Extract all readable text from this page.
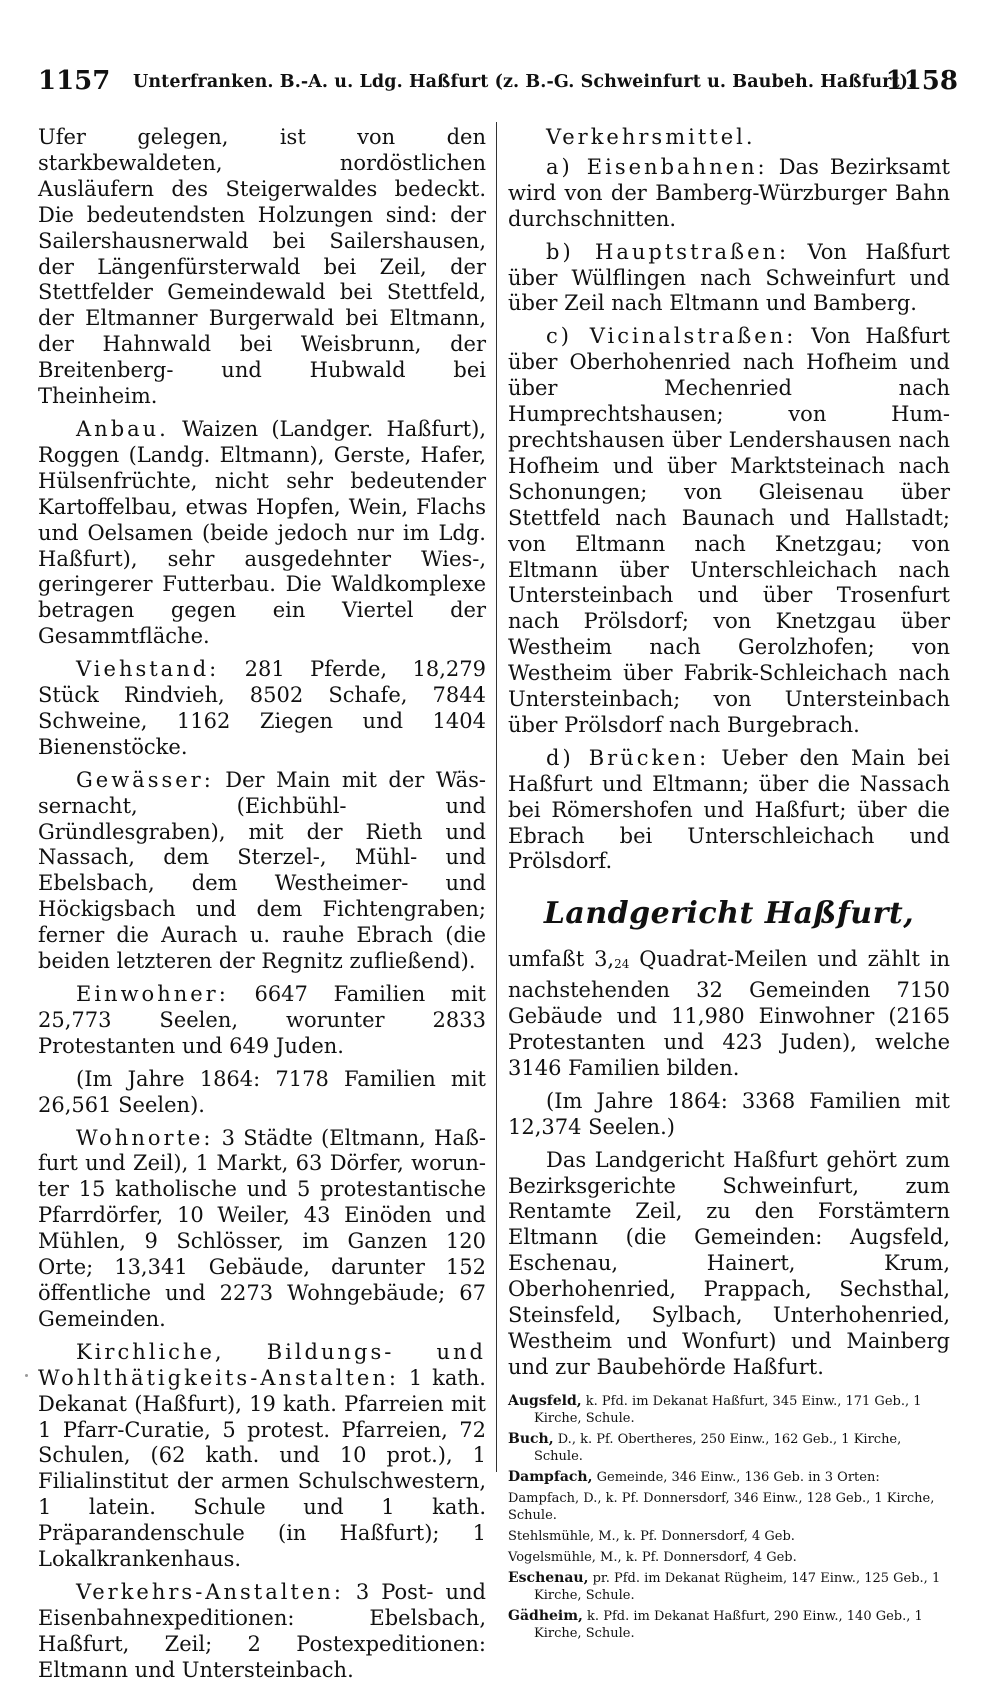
1157 Unterfranken. B.-A. u. Ldg. Haßfurt (z. B.-G. Schweinfurt u. Baubeh. Haßfurt).
1158

Ufer gelegen, ist von den starkbewaldeten, nordöstlichen Ausläufern des Steigerwaldes bedeckt. Die bedeutendsten Holzungen sind: der Sailershausnerwald bei Sailershausen, der Längenfürsterwald bei Zeil, der Stettfelder Gemeindewald bei Stettfeld, der Eltmanner Burgerwald bei Eltmann, der Hahnwald bei Weisbrunn, der Breitenberg- und Hubwald bei Theinheim.

Anbau. Waizen (Landger. Haßfurt), Roggen (Landg. Eltmann), Gerste, Hafer, Hülsenfrüchte, nicht sehr bedeutender Kartoffelbau, etwas Hopfen, Wein, Flachs und Oelsamen (beide jedoch nur im Ldg. Haßfurt), sehr ausgedehnter Wies-, geringerer Futterbau. Die Waldkomplexe betragen gegen ein Viertel der Gesammtfläche.

Viehstand: 281 Pferde, 18,279 Stück Rindvieh, 8502 Schafe, 7844 Schweine, 1162 Ziegen und 1404 Bienenstöcke.

Gewässer: Der Main mit der Wässernacht, (Eichbühl- und Gründlesgraben), mit der Rieth und Nassach, dem Sterzel-, Mühl- und Ebelsbach, dem Westheimer- und Höckigsbach und dem Fichtengraben; ferner die Aurach u. rauhe Ebrach (die beiden letzteren der Regnitz zufließend).

Einwohner: 6647 Familien mit 25,773 Seelen, worunter 2833 Protestanten und 649 Juden.

(Im Jahre 1864: 7178 Familien mit 26,561 Seelen).

Wohnorte: 3 Städte (Eltmann, Haßfurt und Zeil), 1 Markt, 63 Dörfer, worunter 15 katholische und 5 protestantische Pfarrdörfer, 10 Weiler, 43 Einöden und Mühlen, 9 Schlösser, im Ganzen 120 Orte; 13,341 Gebäude, darunter 152 öffentliche und 2273 Wohngebäude; 67 Gemeinden.

Kirchliche, Bildungs- und Wohlthätigkeits-Anstalten: 1 kath. Dekanat (Haßfurt), 19 kath. Pfarreien mit 1 Pfarr-Curatie, 5 protest. Pfarreien, 72 Schulen, (62 kath. und 10 prot.), 1 Filialinstitut der armen Schulschwestern, 1 latein. Schule und 1 kath. Präparandenschule (in Haßfurt); 1 Lokalkrankenhaus.

Verkehrs-Anstalten: 3 Post- und Eisenbahnexpeditionen: Ebelsbach, Haßfurt, Zeil; 2 Postexpeditionen: Eltmann und Untersteinbach.

Verkehrsmittel.

a) Eisenbahnen: Das Bezirksamt wird von der Bamberg-Würzburger Bahn durchschnitten.

b) Hauptstraßen: Von Haßfurt über Wülflingen nach Schweinfurt und über Zeil nach Eltmann und Bamberg.

c) Vicinalstraßen: Von Haßfurt über Oberhohenried nach Hofheim und über Mechenried nach Humprechtshausen; von Humprechtshausen über Lendershausen nach Hofheim und über Marktsteinach nach Schonungen; von Gleisenau über Stettfeld nach Baunach und Hallstadt; von Eltmann nach Knetzgau; von Eltmann über Unterschleichach nach Untersteinbach und über Trosenfurt nach Prölsdorf; von Knetzgau über Westheim nach Gerolzhofen; von Westheim über Fabrik-Schleichach nach Untersteinbach; von Untersteinbach über Prölsdorf nach Burgebrach.

d) Brücken: Ueber den Main bei Haßfurt und Eltmann; über die Nassach bei Römershofen und Haßfurt; über die Ebrach bei Unterschleichach und Prölsdorf.

Landgericht Haßfurt,

umfaßt 3,24 Quadrat-Meilen und zählt in nachstehenden 32 Gemeinden 7150 Gebäude und 11,980 Einwohner (2165 Protestanten und 423 Juden), welche 3146 Familien bilden.

(Im Jahre 1864: 3368 Familien mit 12,374 Seelen.)

Das Landgericht Haßfurt gehört zum Bezirksgerichte Schweinfurt, zum Rentamte Zeil, zu den Forstämtern Eltmann (die Gemeinden: Augsfeld, Eschenau, Hainert, Krum, Oberhohenried, Prappach, Sechsthal, Steinsfeld, Sylbach, Unterhohenried, Westheim und Wonfurt) und Mainberg und zur Baubehörde Haßfurt.

Augsfeld, k. Pfd. im Dekanat Haßfurt, 345 Einw., 171 Geb., 1 Kirche, Schule.
Buch, D., k. Pf. Obertheres, 250 Einw., 162 Geb., 1 Kirche, Schule.
Dampfach, Gemeinde, 346 Einw., 136 Geb. in 3 Orten:
Dampfach, D., k. Pf. Donnersdorf, 346 Einw., 128 Geb., 1 Kirche, Schule.
Stehlsmühle, M., k. Pf. Donnersdorf, 4 Geb.
Vogelsmühle, M., k. Pf. Donnersdorf, 4 Geb.
Eschenau, pr. Pfd. im Dekanat Rügheim, 147 Einw., 125 Geb., 1 Kirche, Schule.
Gädheim, k. Pfd. im Dekanat Haßfurt, 290 Einw., 140 Geb., 1 Kirche, Schule.
